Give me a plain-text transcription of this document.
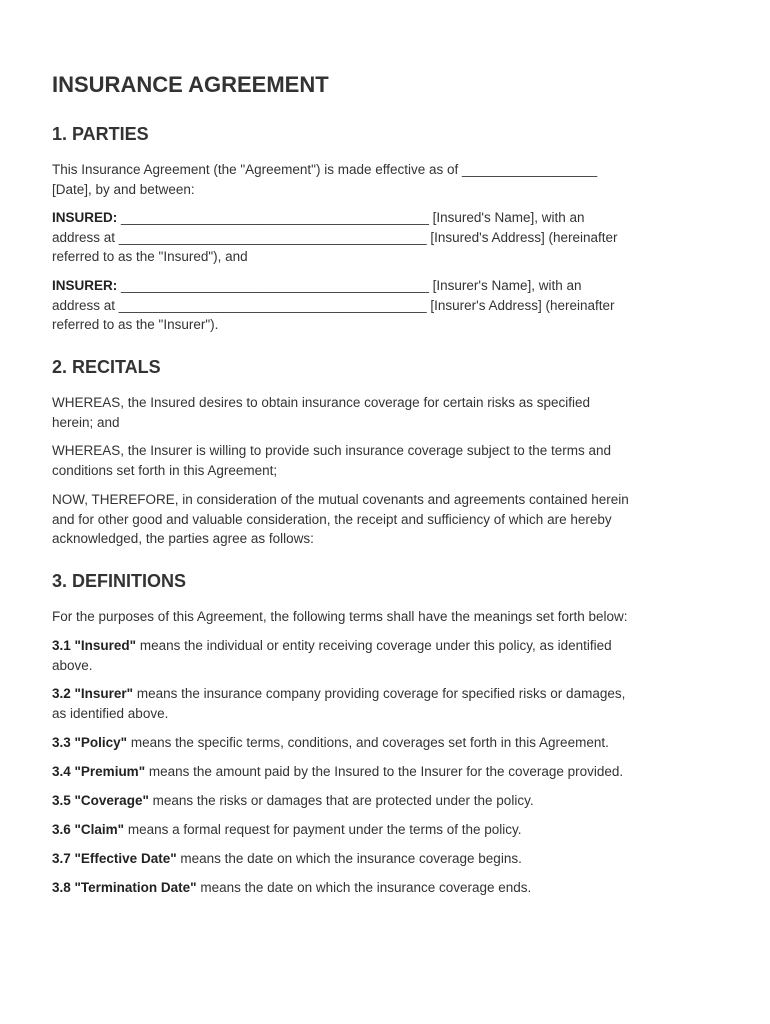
INSURANCE AGREEMENT
1. PARTIES

This Insurance Agreement (the "Agreement") is made effective as of __________________
[Date], by and between:

INSURED: _________________________________________ [Insured's Name], with an
address at _________________________________________ [Insured's Address] (hereinafter
referred to as the "Insured"), and

INSURER: _________________________________________ [Insurer's Name], with an
address at _________________________________________ [Insurer's Address] (hereinafter
referred to as the "Insurer").

2. RECITALS

WHEREAS, the Insured desires to obtain insurance coverage for certain risks as specified
herein; and

WHEREAS, the Insurer is willing to provide such insurance coverage subject to the terms and
conditions set forth in this Agreement;

NOW, THEREFORE, in consideration of the mutual covenants and agreements contained herein
and for other good and valuable consideration, the receipt and sufficiency of which are hereby
acknowledged, the parties agree as follows:

3. DEFINITIONS

For the purposes of this Agreement, the following terms shall have the meanings set forth below:

3.1 "Insured" means the individual or entity receiving coverage under this policy, as identified
above.

3.2 "Insurer" means the insurance company providing coverage for specified risks or damages,
as identified above.

3.3 "Policy" means the specific terms, conditions, and coverages set forth in this Agreement.

3.4 "Premium" means the amount paid by the Insured to the Insurer for the coverage provided.

3.5 "Coverage" means the risks or damages that are protected under the policy.

3.6 "Claim" means a formal request for payment under the terms of the policy.

3.7 "Effective Date" means the date on which the insurance coverage begins.

3.8 "Termination Date" means the date on which the insurance coverage ends.
